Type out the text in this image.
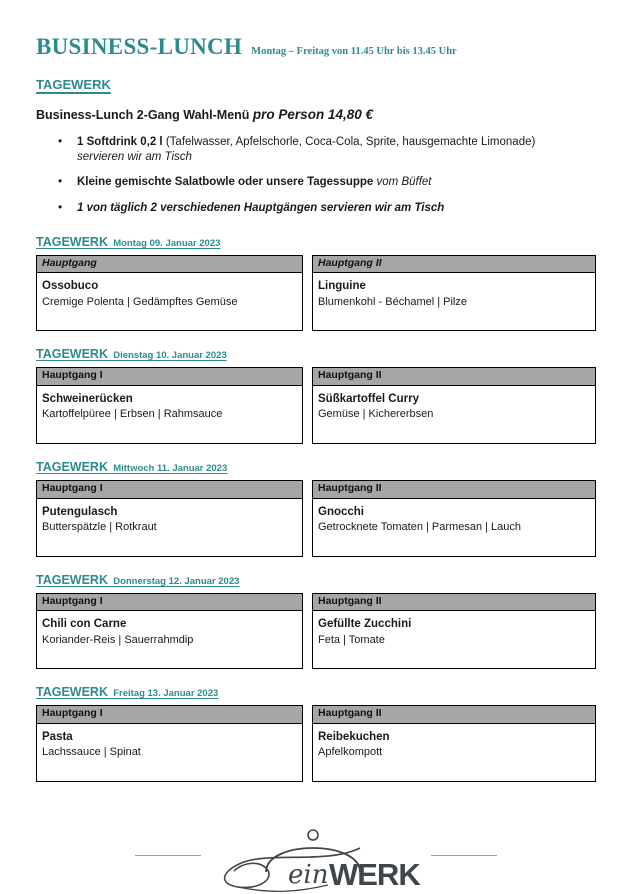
BUSINESS-LUNCH Montag – Freitag von 11.45 Uhr bis 13.45 Uhr
TAGEWERK

Business-Lunch 2-Gang Wahl-Menü pro Person 14,80 €

• 1 Softdrink 0,2 l (Tafelwasser, Apfelschorle, Coca-Cola, Sprite, hausgemachte Limonade)
servieren wir am Tisch
• Kleine gemischte Salatbowle oder unsere Tagessuppe vom Büffet
• 1 von täglich 2 verschiedenen Hauptgängen servieren wir am Tisch
TAGEWERK Montag 09. Januar 2023
Hauptgang	Hauptgang II
Ossobuco
Cremige Polenta | Gedämpftes Gemüse
Linguine
Blumenkohl - Béchamel | Pilze
TAGEWERK Dienstag 10. Januar 2023
Hauptgang I	Hauptgang II
Schweinerücken
Kartoffelpüree | Erbsen | Rahmsauce
Süßkartoffel Curry
Gemüse | Kichererbsen
TAGEWERK Mittwoch 11. Januar 2023
Hauptgang I	Hauptgang II
Putengulasch
Butterspätzle | Rotkraut
Gnocchi
Getrocknete Tomaten | Parmesan | Lauch
TAGEWERK Donnerstag 12. Januar 2023
Hauptgang I	Hauptgang II
Chili con Carne
Koriander-Reis | Sauerrahmdip
Gefüllte Zucchini
Feta | Tomate
TAGEWERK Freitag 13. Januar 2023
Hauptgang I	Hauptgang II
Pasta
Lachssauce | Spinat
Reibekuchen
Apfelkompott
ein WERK
